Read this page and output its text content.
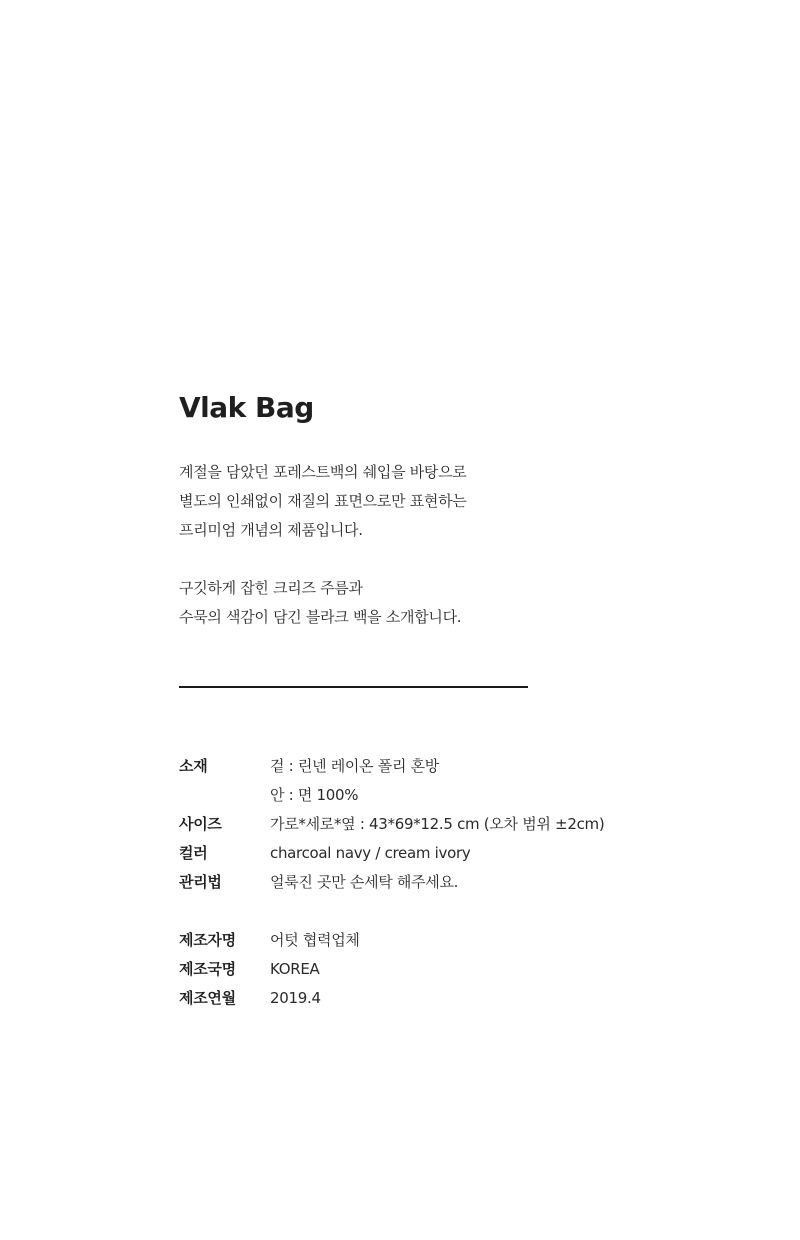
Vlak Bag

계절을 담았던 포레스트백의 쉐입을 바탕으로

별도의 인쇄없이 재질의 표면으로만 표현하는

프리미엄 개념의 제품입니다.

구깃하게 잡힌 크리즈 주름과

수묵의 색감이 담긴 블라크 백을 소개합니다.

소재	겉 : 린넨 레이온 폴리 혼방
안 : 면 100%
사이즈	가로*세로*옆 : 43*69*12.5 cm (오차 범위 ±2cm)
컬러	charcoal navy / cream ivory
관리법	얼룩진 곳만 손세탁 해주세요.
제조자명	어텃 협력업체
제조국명	KOREA
제조연월	2019.4
